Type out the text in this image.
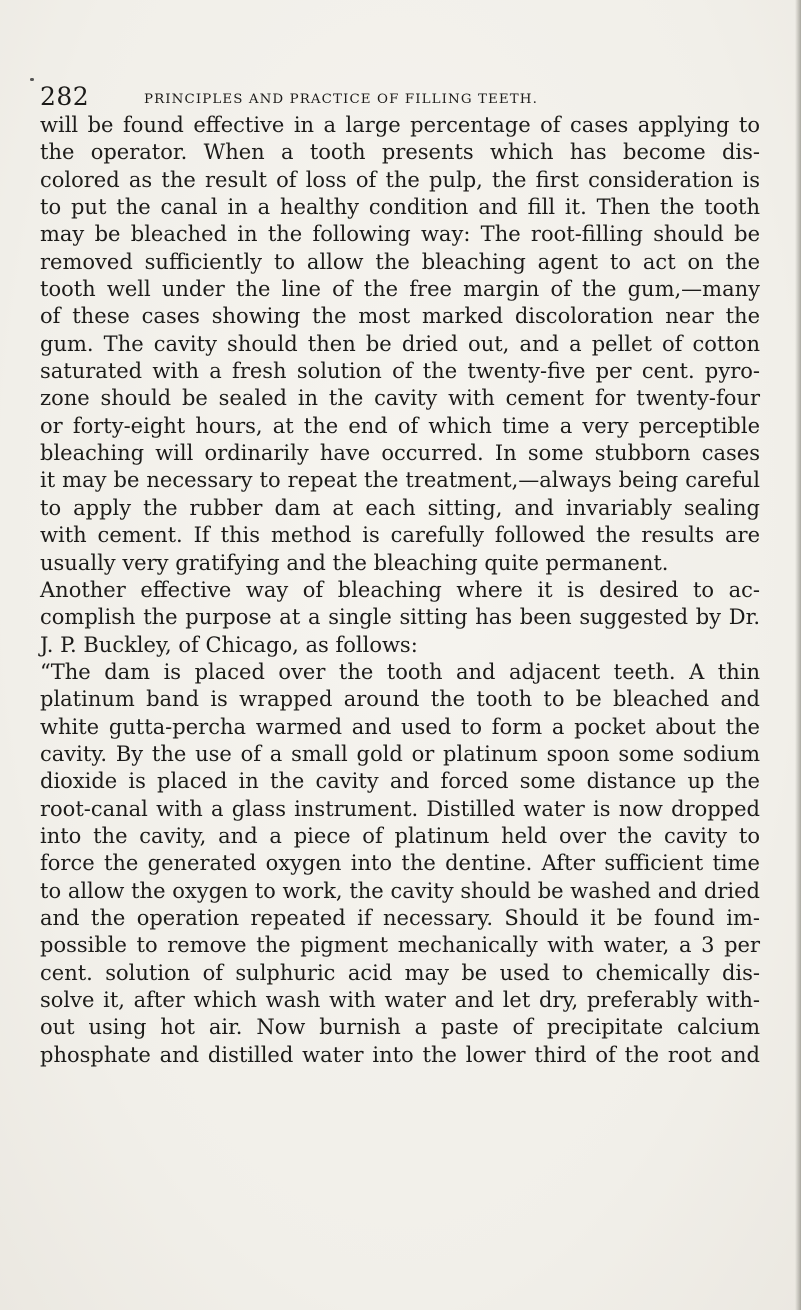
282	PRINCIPLES AND PRACTICE OF FILLING TEETH.
will be found effective in a large percentage of cases applying to
the operator. When a tooth presents which has become dis-
colored as the result of loss of the pulp, the first consideration is
to put the canal in a healthy condition and fill it. Then the tooth
may be bleached in the following way: The root-filling should be
removed sufficiently to allow the bleaching agent to act on the
tooth well under the line of the free margin of the gum,—many
of these cases showing the most marked discoloration near the
gum. The cavity should then be dried out, and a pellet of cotton
saturated with a fresh solution of the twenty-five per cent. pyro-
zone should be sealed in the cavity with cement for twenty-four
or forty-eight hours, at the end of which time a very perceptible
bleaching will ordinarily have occurred. In some stubborn cases
it may be necessary to repeat the treatment,—always being careful
to apply the rubber dam at each sitting, and invariably sealing
with cement. If this method is carefully followed the results are
usually very gratifying and the bleaching quite permanent.
Another effective way of bleaching where it is desired to ac-
complish the purpose at a single sitting has been suggested by Dr.
J. P. Buckley, of Chicago, as follows:
“The dam is placed over the tooth and adjacent teeth. A thin
platinum band is wrapped around the tooth to be bleached and
white gutta-percha warmed and used to form a pocket about the
cavity. By the use of a small gold or platinum spoon some sodium
dioxide is placed in the cavity and forced some distance up the
root-canal with a glass instrument. Distilled water is now dropped
into the cavity, and a piece of platinum held over the cavity to
force the generated oxygen into the dentine. After sufficient time
to allow the oxygen to work, the cavity should be washed and dried
and the operation repeated if necessary. Should it be found im-
possible to remove the pigment mechanically with water, a 3 per
cent. solution of sulphuric acid may be used to chemically dis-
solve it, after which wash with water and let dry, preferably with-
out using hot air. Now burnish a paste of precipitate calcium
phosphate and distilled water into the lower third of the root and
